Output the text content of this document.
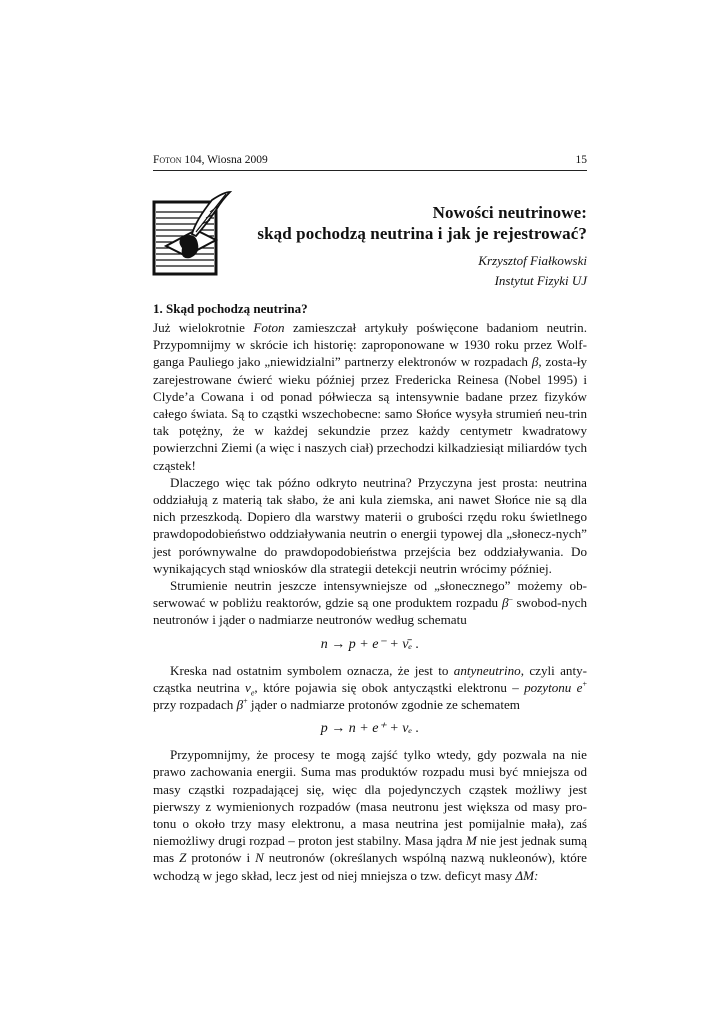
Foton 104, Wiosna 2009	15
Nowości neutrinowe:
skąd pochodzą neutrina i jak je rejestrować?
Krzysztof Fiałkowski
Instytut Fizyki UJ
1. Skąd pochodzą neutrina?

Już wielokrotnie Foton zamieszczał artykuły poświęcone badaniom neutrin. Przypomnijmy w skrócie ich historię: zaproponowane w 1930 roku przez Wolf-ganga Pauliego jako „niewidzialni” partnerzy elektronów w rozpadach β, zosta-ły zarejestrowane ćwierć wieku później przez Fredericka Reinesa (Nobel 1995) i Clyde’a Cowana i od ponad półwiecza są intensywnie badane przez fizyków całego świata. Są to cząstki wszechobecne: samo Słońce wysyła strumień neu-trin tak potężny, że w każdej sekundzie przez każdy centymetr kwadratowy powierzchni Ziemi (a więc i naszych ciał) przechodzi kilkadziesiąt miliardów tych cząstek!

Dlaczego więc tak późno odkryto neutrina? Przyczyna jest prosta: neutrina oddziałują z materią tak słabo, że ani kula ziemska, ani nawet Słońce nie są dla nich przeszkodą. Dopiero dla warstwy materii o grubości rzędu roku świetlnego prawdopodobieństwo oddziaływania neutrin o energii typowej dla „słonecz-nych” jest porównywalne do prawdopodobieństwa przejścia bez oddziaływania. Do wynikających stąd wniosków dla strategii detekcji neutrin wrócimy później.

Strumienie neutrin jeszcze intensywniejsze od „słonecznego” możemy ob-serwować w pobliżu reaktorów, gdzie są one produktem rozpadu β– swobod-nych neutronów i jąder o nadmiarze neutronów według schematu

n → p + e⁻ + ν̄ₑ .

Kreska nad ostatnim symbolem oznacza, że jest to antyneutrino, czyli anty-cząstka neutrina $\nu_e$, które pojawia się obok antycząstki elektronu – pozytonu e+ przy rozpadach β+ jąder o nadmiarze protonów zgodnie ze schematem

p → n + e⁺ + νₑ .

Przypomnijmy, że procesy te mogą zajść tylko wtedy, gdy pozwala na nie prawo zachowania energii. Suma mas produktów rozpadu musi być mniejsza od masy cząstki rozpadającej się, więc dla pojedynczych cząstek możliwy jest pierwszy z wymienionych rozpadów (masa neutronu jest większa od masy pro-tonu o około trzy masy elektronu, a masa neutrina jest pomijalnie mała), zaś niemożliwy drugi rozpad – proton jest stabilny. Masa jądra M nie jest jednak sumą mas Z protonów i N neutronów (określanych wspólną nazwą nukleonów), które wchodzą w jego skład, lecz jest od niej mniejsza o tzw. deficyt masy ΔM:
